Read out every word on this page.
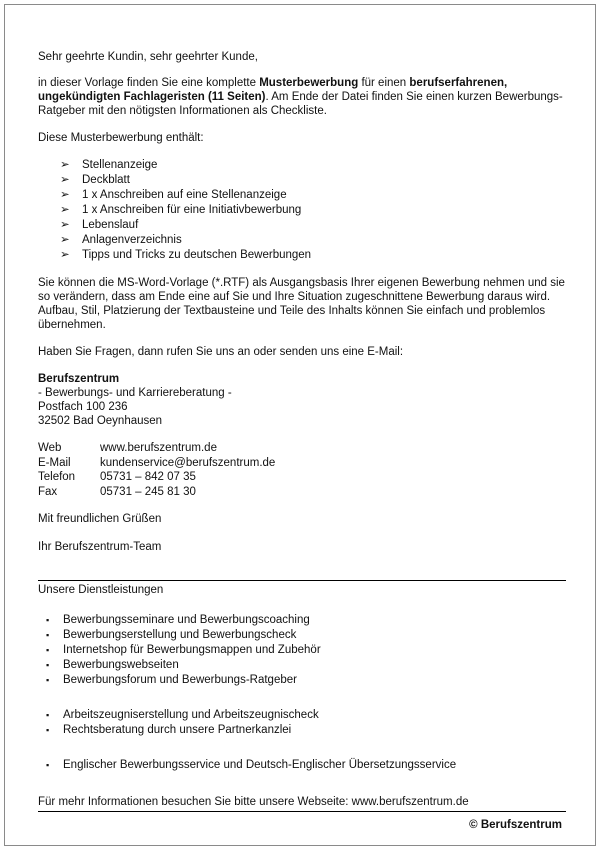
Sehr geehrte Kundin, sehr geehrter Kunde,
in dieser Vorlage finden Sie eine komplette Musterbewerbung für einen berufserfahrenen, ungekündigten Fachlageristen (11 Seiten). Am Ende der Datei finden Sie einen kurzen Bewerbungs-Ratgeber mit den nötigsten Informationen als Checkliste.
Diese Musterbewerbung enthält:
➢	Stellenanzeige
➢	Deckblatt
➢	1 x Anschreiben auf eine Stellenanzeige
➢	1 x Anschreiben für eine Initiativbewerbung
➢	Lebenslauf
➢	Anlagenverzeichnis
➢	Tipps und Tricks zu deutschen Bewerbungen
Sie können die MS-Word-Vorlage (*.RTF) als Ausgangsbasis Ihrer eigenen Bewerbung nehmen und sie so verändern, dass am Ende eine auf Sie und Ihre Situation zugeschnittene Bewerbung daraus wird. Aufbau, Stil, Platzierung der Textbausteine und Teile des Inhalts können Sie einfach und problemlos übernehmen.
Haben Sie Fragen, dann rufen Sie uns an oder senden uns eine E-Mail:
Berufszentrum
- Bewerbungs- und Karriereberatung -
Postfach 100 236
32502 Bad Oeynhausen
Web	www.berufszentrum.de
E-Mail	kundenservice@berufszentrum.de
Telefon	05731 – 842 07 35
Fax	05731 – 245 81 30
Mit freundlichen Grüßen
Ihr Berufszentrum-Team
Unsere Dienstleistungen
▪	Bewerbungsseminare und Bewerbungscoaching
▪	Bewerbungserstellung und Bewerbungscheck
▪	Internetshop für Bewerbungsmappen und Zubehör
▪	Bewerbungswebseiten
▪	Bewerbungsforum und Bewerbungs-Ratgeber
▪	Arbeitszeugniserstellung und Arbeitszeugnischeck
▪	Rechtsberatung durch unsere Partnerkanzlei
▪	Englischer Bewerbungsservice und Deutsch-Englischer Übersetzungsservice
Für mehr Informationen besuchen Sie bitte unsere Webseite: www.berufszentrum.de
© Berufszentrum
